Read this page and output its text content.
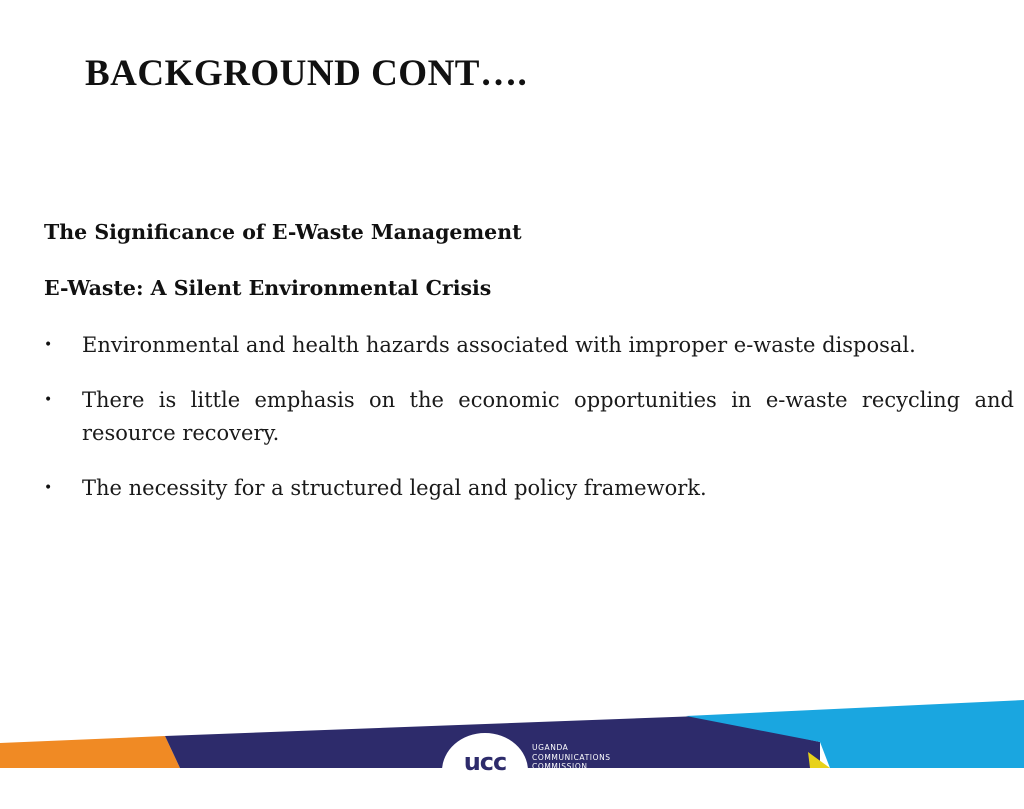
BACKGROUND CONT….

The Significance of E-Waste Management

E-Waste: A Silent Environmental Crisis

• Environmental and health hazards associated with improper e-waste disposal.
• There is little emphasis on the economic opportunities in e-waste recycling and resource recovery.
• The necessity for a structured legal and policy framework.
ucc
UGANDA
COMMUNICATIONS
COMMISSION
